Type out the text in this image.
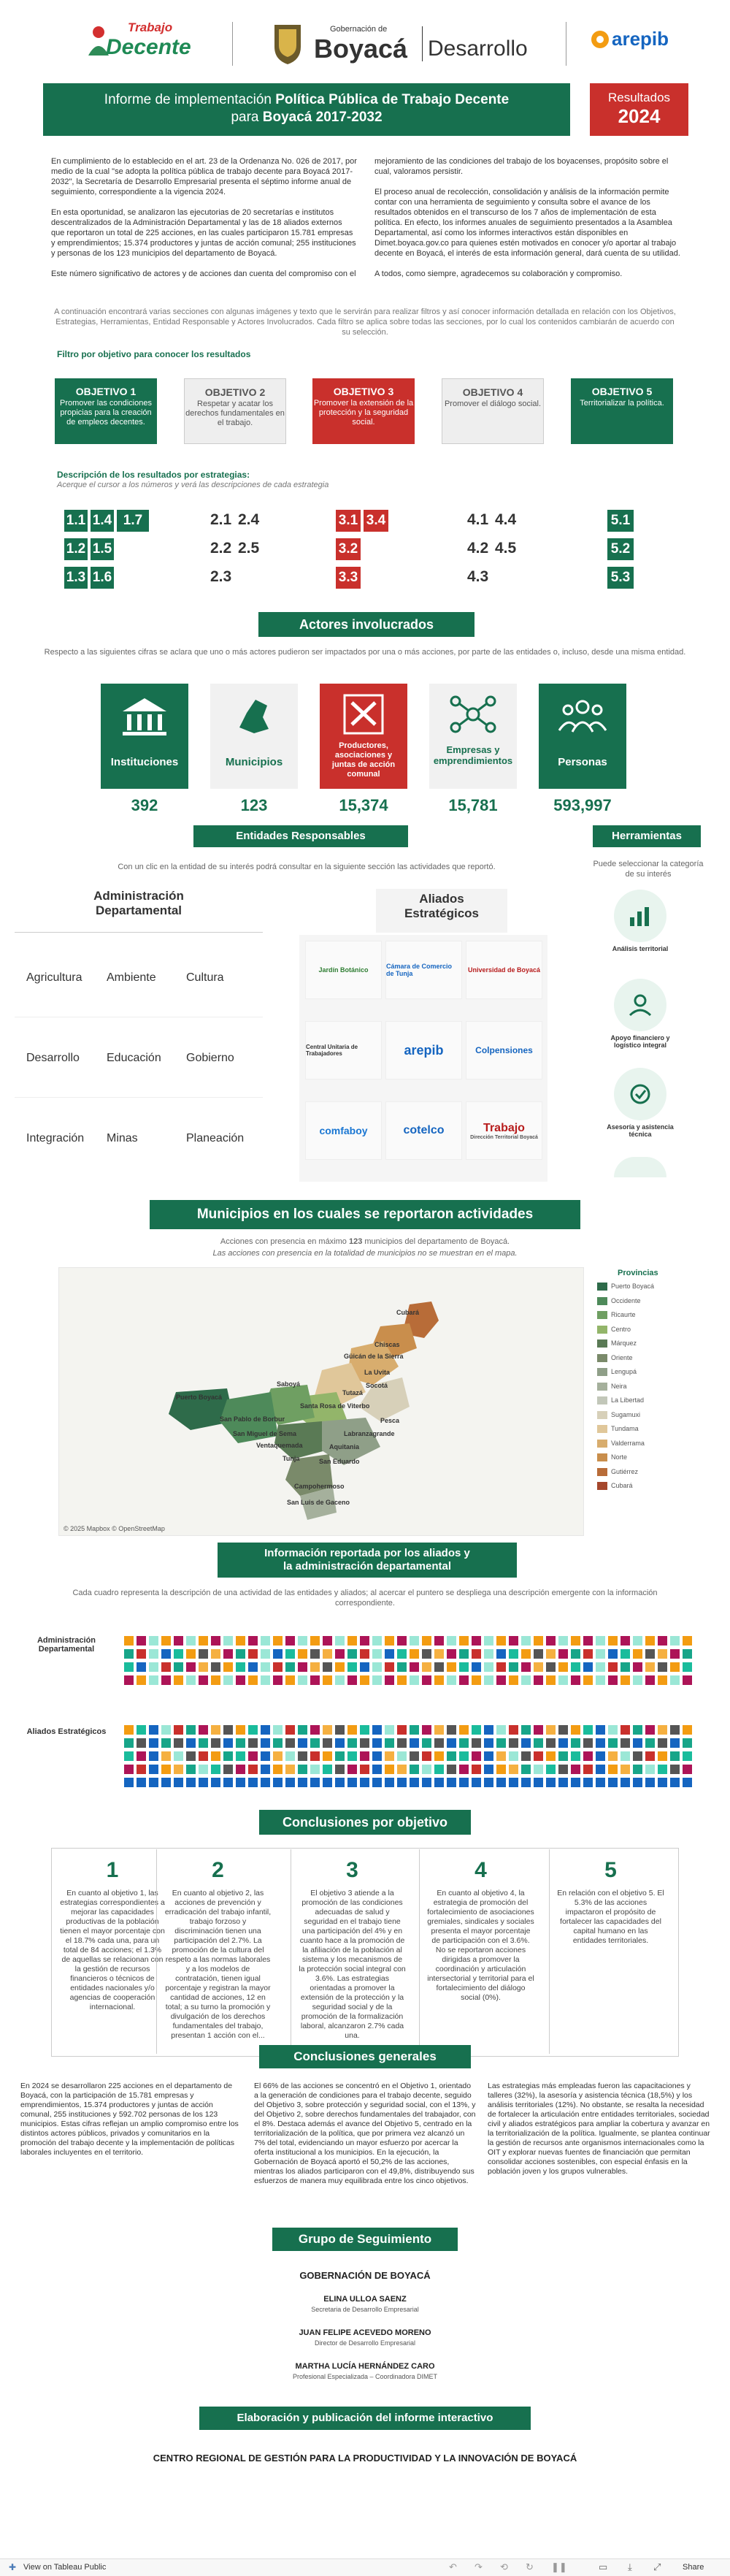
Trabajo
Decente
Gobernación de
Boyacá Desarrollo	arepib
Informe de implementación Política Pública de Trabajo Decente
para Boyacá 2017-2032
Resultados
2024

En cumplimiento de lo establecido en el art. 23 de la Ordenanza No. 026 de 2017, por medio de la cual "se adopta la política pública de trabajo decente para Boyacá 2017-2032", la Secretaría de Desarrollo Empresarial presenta el séptimo informe anual de seguimiento, correspondiente a la vigencia 2024.

En esta oportunidad, se analizaron las ejecutorias de 20 secretarías e institutos descentralizados de la Administración Departamental y las de 18 aliados externos que reportaron un total de 225 acciones, en las cuales participaron 15.781 empresas y emprendimientos; 15.374 productores y juntas de acción comunal; 255 instituciones y personas de los 123 municipios del departamento de Boyacá.

Este número significativo de actores y de acciones dan cuenta del compromiso con el

mejoramiento de las condiciones del trabajo de los boyacenses, propósito sobre el cual, valoramos persistir.

El proceso anual de recolección, consolidación y análisis de la información permite contar con una herramienta de seguimiento y consulta sobre el avance de los resultados obtenidos en el transcurso de los 7 años de implementación de esta política. En efecto, los informes anuales de seguimiento presentados a la Asamblea Departamental, así como los informes interactivos están disponibles en Dimet.boyaca.gov.co para quienes estén motivados en conocer y/o aportar al trabajo decente en Boyacá, el interés de esta información general, dará cuenta de su utilidad.

A todos, como siempre, agradecemos su colaboración y compromiso.

A continuación encontrará varias secciones con algunas imágenes y texto que le servirán para realizar filtros y así conocer información detallada en relación con los Objetivos, Estrategias, Herramientas, Entidad Responsable y Actores Involucrados. Cada filtro se aplica sobre todas las secciones, por lo cual los contenidos cambiarán de acuerdo con su selección.
Filtro por objetivo para conocer los resultados
OBJETIVO 1
Promover las condiciones propicias para la creación de empleos decentes.
OBJETIVO 2
Respetar y acatar los derechos fundamentales en el trabajo.
OBJETIVO 3
Promover la extensión de la protección y la seguridad social.
OBJETIVO 4
Promover el diálogo social.
OBJETIVO 5
Territorializar la política.
Descripción de los resultados por estrategias:
Acerque el cursor a los números y verá las descripciones de cada estrategia
1.1 1.4 1.7
1.2 1.5
1.3 1.6
2.1 2.4
2.2 2.5
2.3
3.1 3.4
3.2
3.3
4.1 4.4
4.2 4.5
4.3
5.1
5.2
5.3
Actores involucrados
Respecto a las siguientes cifras se aclara que uno o más actores pudieron ser impactados por una o más acciones, por parte de las entidades o, incluso, desde una misma entidad.
Instituciones	Municipios
Productores, asociaciones y juntas de acción comunal
Empresas y emprendimientos	Personas
392	123	15,374	15,781	593,997
Entidades Responsables	Herramientas
Con un clic en la entidad de su interés podrá consultar en la siguiente sección las actividades que reportó.	Puede seleccionar la categoría de su interés
Administración
Departamental
Aliados
Estratégicos
Agricultura Ambiente	Cultura
Desarrollo Educación Gobierno
Integración Minas	Planeación
Jardín Botánico	Cámara de Comercio de Tunja	Universidad de Boyacá
Central Unitaria de Trabajadores	arepib	Colpensiones
comfaboy	cotelco	Trabajo
Dirección Territorial Boyacá
Análisis territorial
Apoyo financiero y logístico integral
Asesoría y asistencia técnica
Municipios en los cuales se reportaron actividades
Acciones con presencia en máximo 123 municipios del departamento de Boyacá.
Las acciones con presencia en la totalidad de municipios no se muestran en el mapa.
Cubará
Chiscas
Güicán de la Sierra
Puerto Boyacá
Saboyá
San Pablo de Borbur
La Uvita
Socotá
Tutazá
San Miguel de Sema
Santa Rosa de Viterbo
Pesca
Ventaquemada
Labranzagrande
Aquitania
Tunja	San Eduardo
Campohermoso
San Luis de Gaceno
© 2025 Mapbox © OpenStreetMap
Provincias
Puerto Boyacá
Occidente
Ricaurte
Centro
Márquez
Oriente
Lengupá
Neira
La Libertad
Sugamuxi
Tundama
Valderrama
Norte
Gutiérrez
Cubará
Información reportada por los aliados y
la administración departamental
Cada cuadro representa la descripción de una actividad de las entidades y aliados; al acercar el puntero se despliega una descripción emergente con la información correspondiente.
Administración Departamental
Aliados Estratégicos
Conclusiones por objetivo
1
En cuanto al objetivo 1, las estrategias correspondientes a mejorar las capacidades productivas de la población tienen el mayor porcentaje con el 18.7% cada una, para un total de 84 acciones; el 1.3% de aquellas se relacionan con la gestión de recursos financieros o técnicos de entidades nacionales y/o agencias de cooperación internacional.
2
En cuanto al objetivo 2, las acciones de prevención y erradicación del trabajo infantil, trabajo forzoso y discriminación tienen una participación del 2.7%. La promoción de la cultura del respeto a las normas laborales y a los modelos de contratación, tienen igual porcentaje y registran la mayor cantidad de acciones, 12 en total; a su turno la promoción y divulgación de los derechos fundamentales del trabajo, presentan 1 acción con el...
3
El objetivo 3 atiende a la promoción de las condiciones adecuadas de salud y seguridad en el trabajo tiene una participación del 4% y en cuanto hace a la promoción de la afiliación de la población al sistema y los mecanismos de la protección social integral con 3.6%. Las estrategias orientadas a promover la extensión de la protección y la seguridad social y de la promoción de la formalización laboral, alcanzaron 2.7% cada una.
4
En cuanto al objetivo 4, la estrategia de promoción del fortalecimiento de asociaciones gremiales, sindicales y sociales presenta el mayor porcentaje de participación con el 3.6%. No se reportaron acciones dirigidas a promover la coordinación y articulación intersectorial y territorial para el fortalecimiento del diálogo social (0%).
5
En relación con el objetivo 5. El 5.3% de las acciones impactaron el propósito de fortalecer las capacidades del capital humano en las entidades territoriales.
Conclusiones generales
En 2024 se desarrollaron 225 acciones en el departamento de Boyacá, con la participación de 15.781 empresas y emprendimientos, 15.374 productores y juntas de acción comunal, 255 instituciones y 592.702 personas de los 123 municipios. Estas cifras reflejan un amplio compromiso entre los distintos actores públicos, privados y comunitarios en la promoción del trabajo decente y la implementación de políticas laborales incluyentes en el territorio.
El 66% de las acciones se concentró en el Objetivo 1, orientado a la generación de condiciones para el trabajo decente, seguido del Objetivo 3, sobre protección y seguridad social, con el 13%, y del Objetivo 2, sobre derechos fundamentales del trabajador, con el 8%. Destaca además el avance del Objetivo 5, centrado en la territorialización de la política, que por primera vez alcanzó un 7% del total, evidenciando un mayor esfuerzo por acercar la oferta institucional a los municipios. En la ejecución, la Gobernación de Boyacá aportó el 50,2% de las acciones, mientras los aliados participaron con el 49,8%, distribuyendo sus esfuerzos de manera muy equilibrada entre los cinco objetivos.
Las estrategias más empleadas fueron las capacitaciones y talleres (32%), la asesoría y asistencia técnica (18,5%) y los análisis territoriales (12%). No obstante, se resalta la necesidad de fortalecer la articulación entre entidades territoriales, sociedad civil y aliados estratégicos para ampliar la cobertura y avanzar en la territorialización de la política. Igualmente, se plantea continuar la gestión de recursos ante organismos internacionales como la OIT y explorar nuevas fuentes de financiación que permitan consolidar acciones sostenibles, con especial énfasis en la población joven y los grupos vulnerables.
Grupo de Seguimiento
GOBERNACIÓN DE BOYACÁ
ELINA ULLOA SAENZ
Secretaria de Desarrollo Empresarial
JUAN FELIPE ACEVEDO MORENO
Director de Desarrollo Empresarial
MARTHA LUCÍA HERNÁNDEZ CARO
Profesional Especializada – Coordinadora DIMET
Elaboración y publicación del informe interactivo
CENTRO REGIONAL DE GESTIÓN PARA LA PRODUCTIVIDAD Y LA INNOVACIÓN DE BOYACÁ
✚ View on Tableau Public	↶ ↷ ⟲ ↻ ❚❚	▭ ⤓ ⤢	Share
